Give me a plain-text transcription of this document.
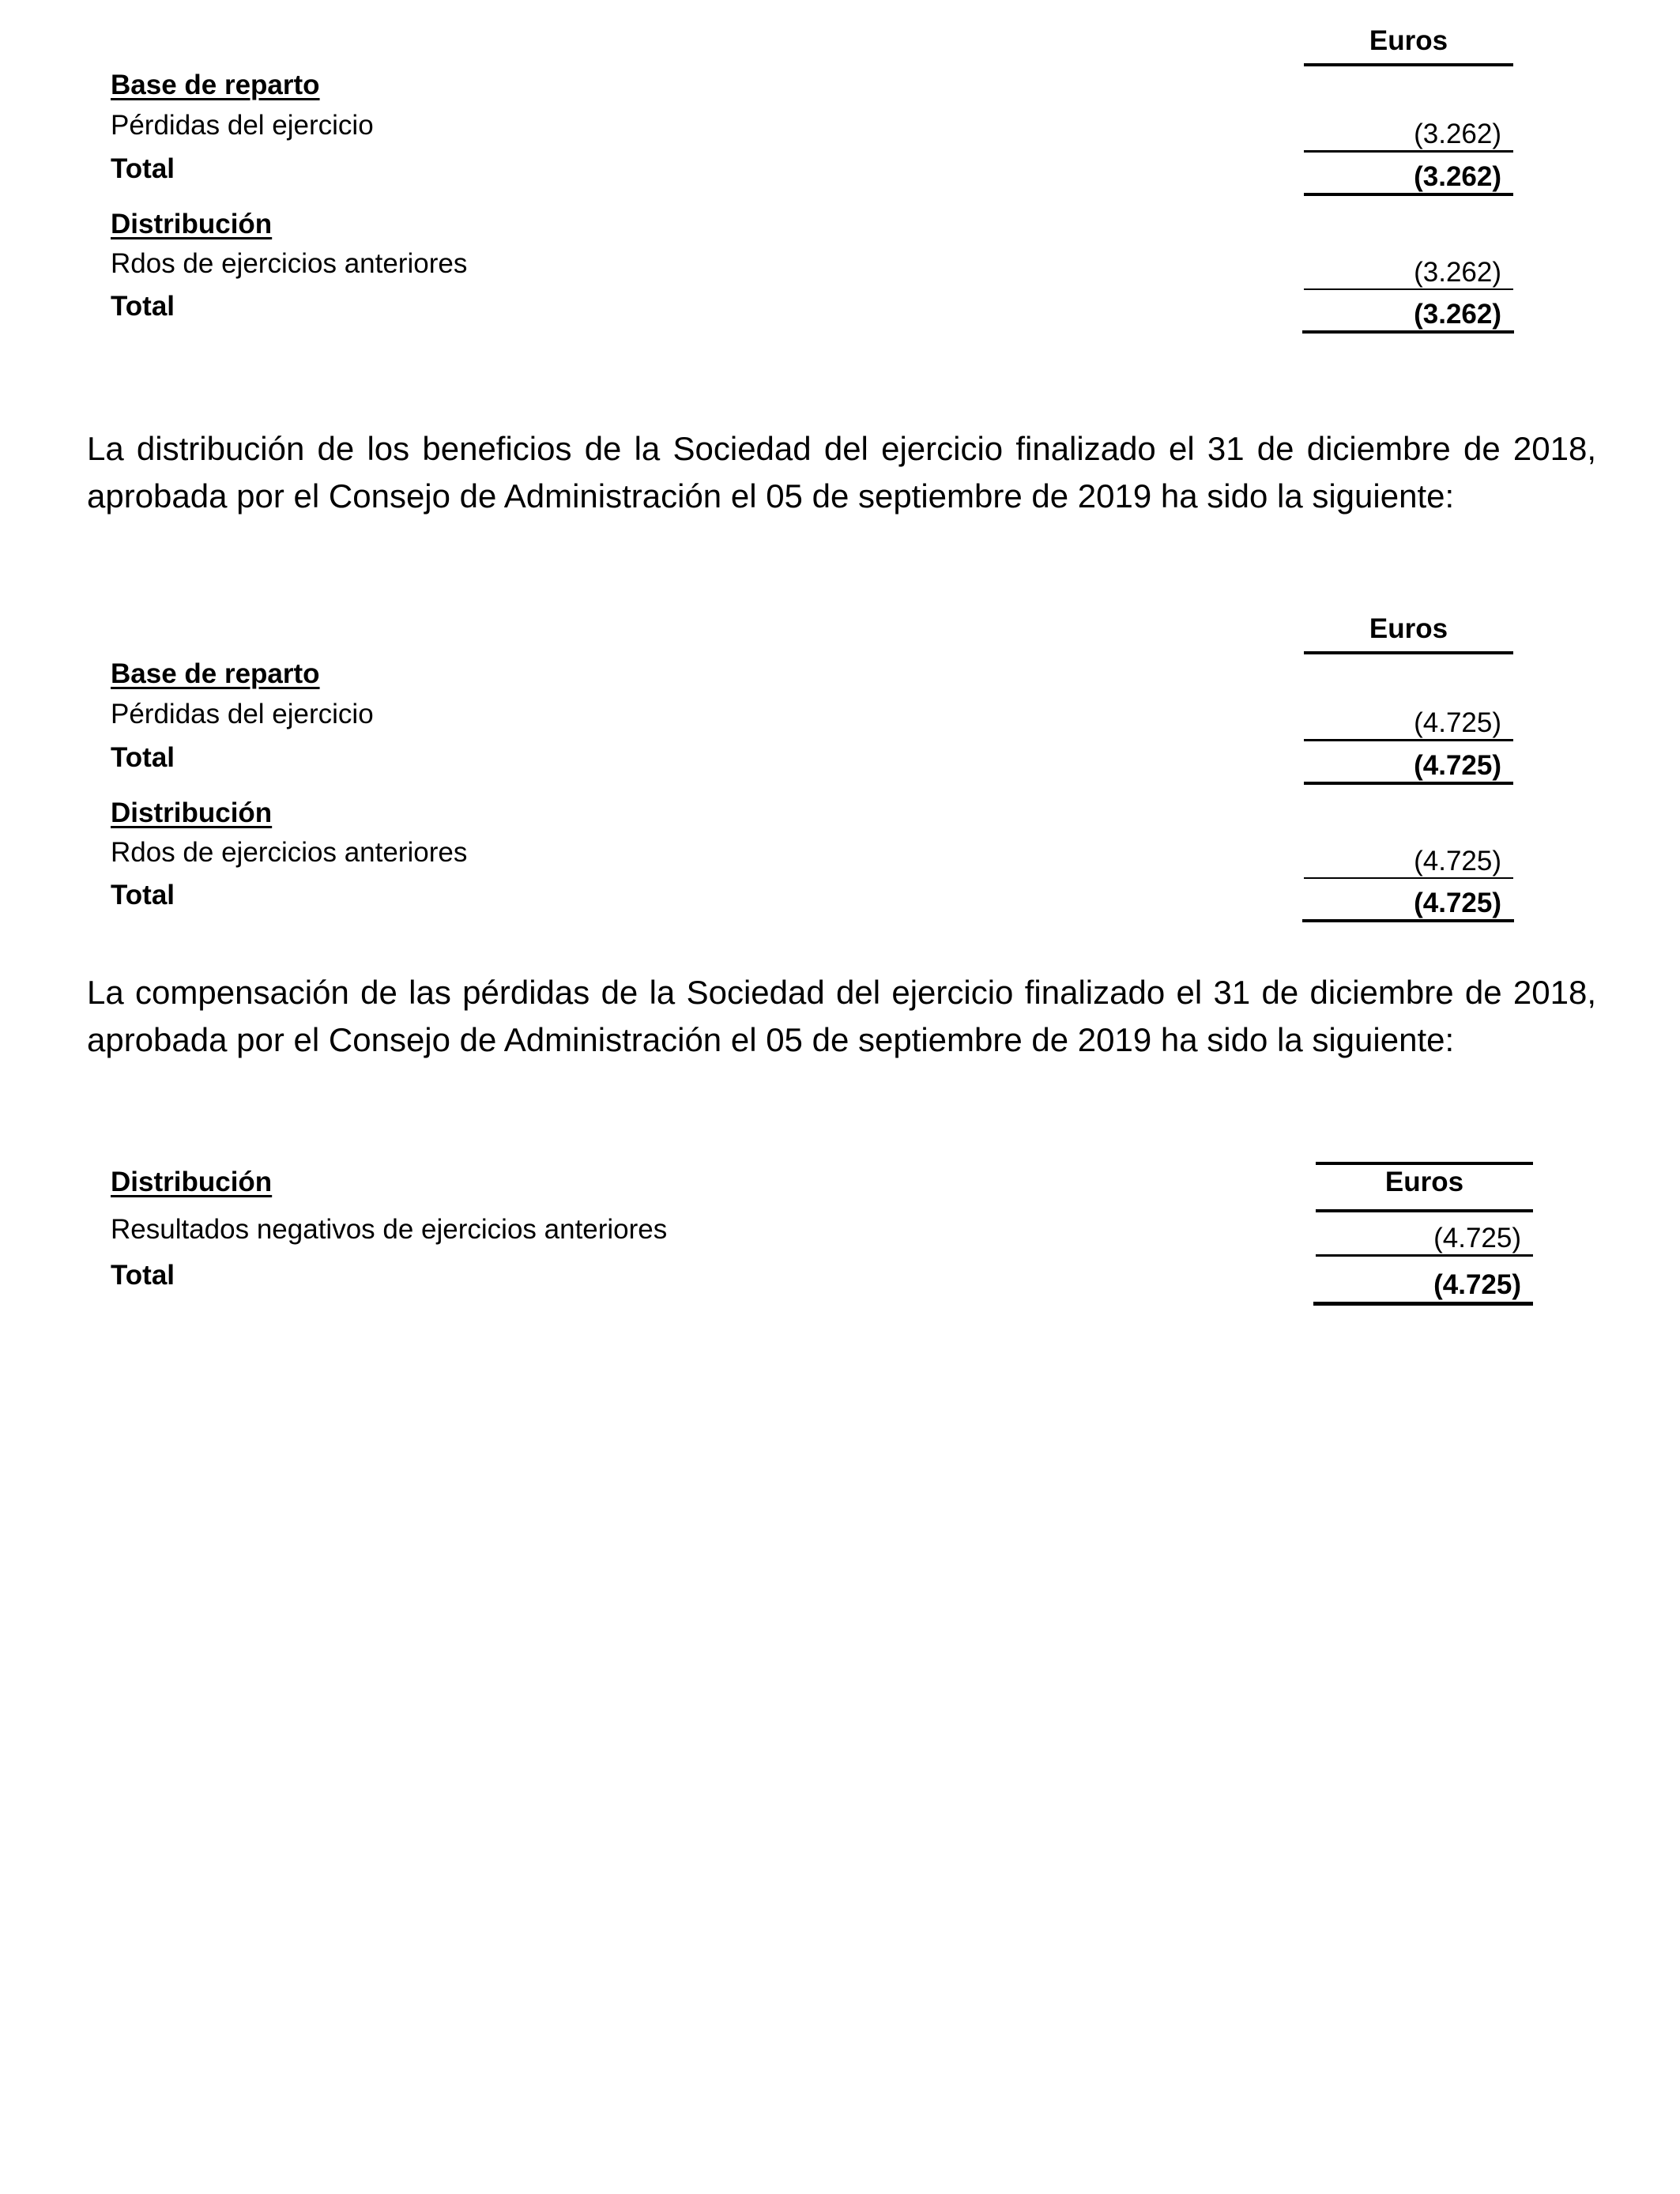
Euros
Base de reparto
Pérdidas del ejercicio	(3.262)
Total	(3.262)
Distribución
Rdos de ejercicios anteriores	(3.262)
Total	(3.262)
La distribución de los beneficios de la Sociedad del ejercicio finalizado el 31 de diciembre de 2018, aprobada por el Consejo de Administración el 05 de septiembre de 2019 ha sido la siguiente:
Euros
Base de reparto
Pérdidas del ejercicio	(4.725)
Total	(4.725)
Distribución
Rdos de ejercicios anteriores	(4.725)
Total	(4.725)
La compensación de las pérdidas de la Sociedad del ejercicio finalizado el 31 de diciembre de 2018, aprobada por el Consejo de Administración el 05 de septiembre de 2019 ha sido la siguiente:
Distribución	Euros
Resultados negativos de ejercicios anteriores	(4.725)
Total	(4.725)
